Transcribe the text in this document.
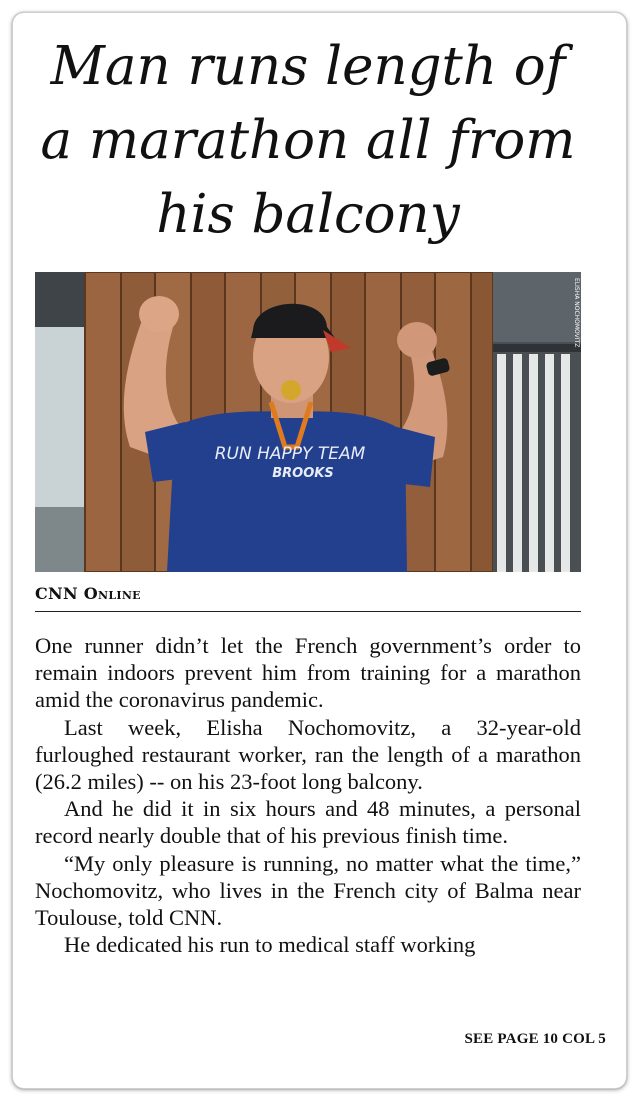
Man runs length of a marathon all from his balcony
RUN HAPPY TEAM
BROOKS
ELISHA NOCHOMOVITZ
CNN Online

One runner didn’t let the French government’s order to remain indoors prevent him from training for a marathon amid the coronavirus pandemic.

Last week, Elisha Nochomovitz, a 32-year-old furloughed restaurant worker, ran the length of a marathon (26.2 miles) -- on his 23-foot long balcony.

And he did it in six hours and 48 minutes, a personal record nearly double that of his previous finish time.

“My only pleasure is running, no matter what the time,” Nochomovitz, who lives in the French city of Balma near Toulouse, told CNN.

He dedicated his run to medical staff working

SEE PAGE 10 COL 5
